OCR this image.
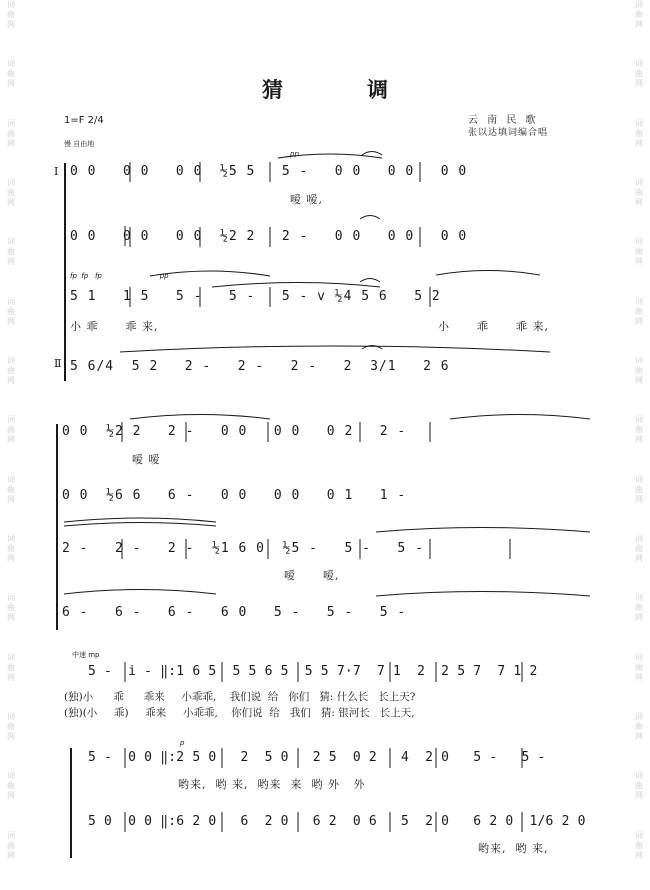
词
曲
网
词
曲
网
词
曲
网
词
曲
网
词
曲
网
词
曲
网
词
曲
网
词
曲
网
词
曲
网
词
曲
网
词
曲
网
词
曲
网
词
曲
网
词
曲
网
词
曲
网
词
曲
网
词
曲
网
词
曲
网
词
曲
网
词
曲
网
词
曲
网
词
曲
网
词
曲
网
词
曲
网
词
曲
网
词
曲
网
词
曲
网
词
曲
网
词
曲
网
词
曲
网
猜调
云 南 民 歌
张以达填词编合唱
1=F 2/4
慢 自由地
Ⅰ
Ⅱ
pp
0 0   0 0   0 0  ½5 5   5 -   0 0   0 0   0 0
嗳 嗳,
0 0   0 0   0 0  ½2 2   2 -   0 0   0 0   0 0
fp  fp   fp                          pp
5 1   1 5   5 -   5 -   5 - v ½4 5 6   5 2
小 乖      乖 来,	小      乖      乖 来,
5 6/4  5 2   2 -   2 -   2 -   2  3/1   2 6
0 0  ½2 2   2 -   0 0   0 0   0 2   2 -
嗳 嗳
0 0  ½6 6   6 -   0 0   0 0   0 1   1 -
2 -   2 -   2 -  ½1 6 0  ½5 -   5 -   5 -
嗳      嗳,
6 -   6 -   6 -   6 0   5 -   5 -   5 -
中速 mp
5 -  i - ‖:1 6 5  5 5 6 5  5 5 7·7  7 1  2  2 5 7  7 1 2
(独)小      乖      乖来     小乖乖,    我们说  给   你们   猜: 什么长   长上天?
(独)(小     乖)     乖来     小乖乖,    你们说  给   我们   猜: 银河长   长上天,
p
5 -  0 0 ‖:2 5 0   2  5 0   2 5  0 2   4  2 0   5 -   5 -
哟来,  哟 来,  哟来  来  哟 外   外
5 0  0 0 ‖:6 2 0   6  2 0   6 2  0 6   5  2 0   6 2 0  1/6 2 0
哟来,  哟 来,
